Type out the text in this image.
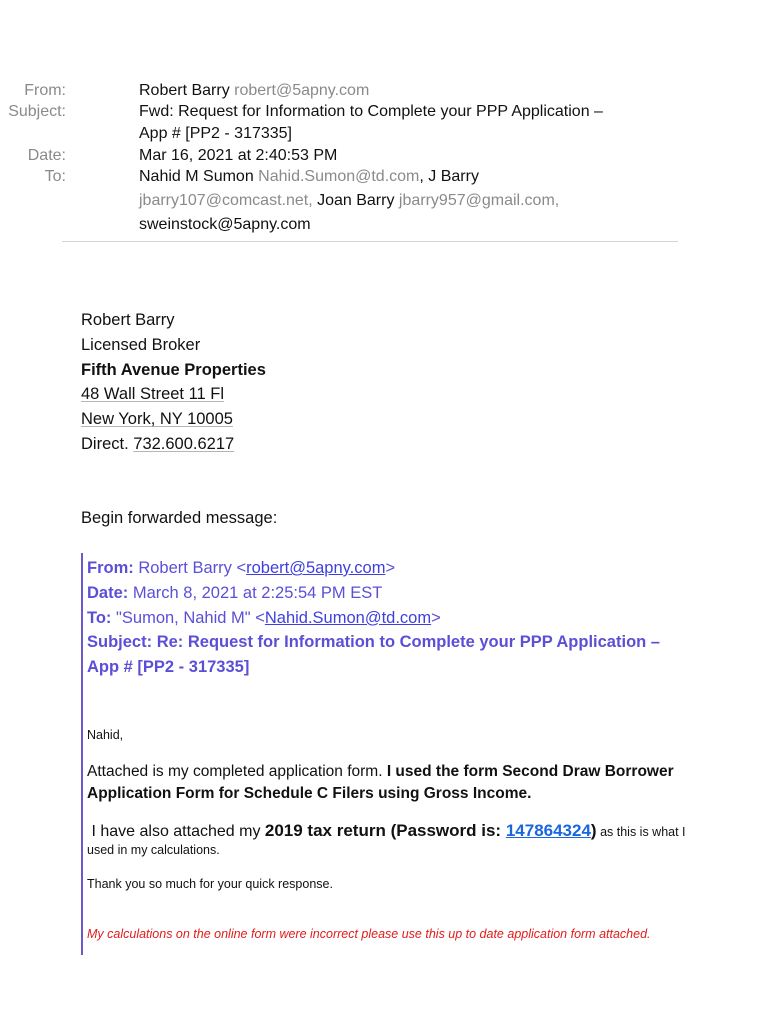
From:	Robert Barry robert@5apny.com
Subject:	Fwd: Request for Information to Complete your PPP Application –
App # [PP2 - 317335]
Date:	Mar 16, 2021 at 2:40:53 PM
To:	Nahid M Sumon Nahid.Sumon@td.com, J Barry
jbarry107@comcast.net, Joan Barry jbarry957@gmail.com,
sweinstock@5apny.com
Robert Barry
Licensed Broker
Fifth Avenue Properties
48 Wall Street 11 Fl
New York, NY 10005
Direct. 732.600.6217
Begin forwarded message:
From: Robert Barry <robert@5apny.com>
Date: March 8, 2021 at 2:25:54 PM EST
To: "Sumon, Nahid M" <Nahid.Sumon@td.com>
Subject: Re: Request for Information to Complete your PPP Application –
App # [PP2 - 317335]
Nahid,
Attached is my completed application form. I used the form Second Draw Borrower Application Form for Schedule C Filers using Gross Income.
I have also attached my 2019 tax return (Password is: 147864324) as this is what I used in my calculations.
Thank you so much for your quick response.
My calculations on the online form were incorrect please use this up to date application form attached.
